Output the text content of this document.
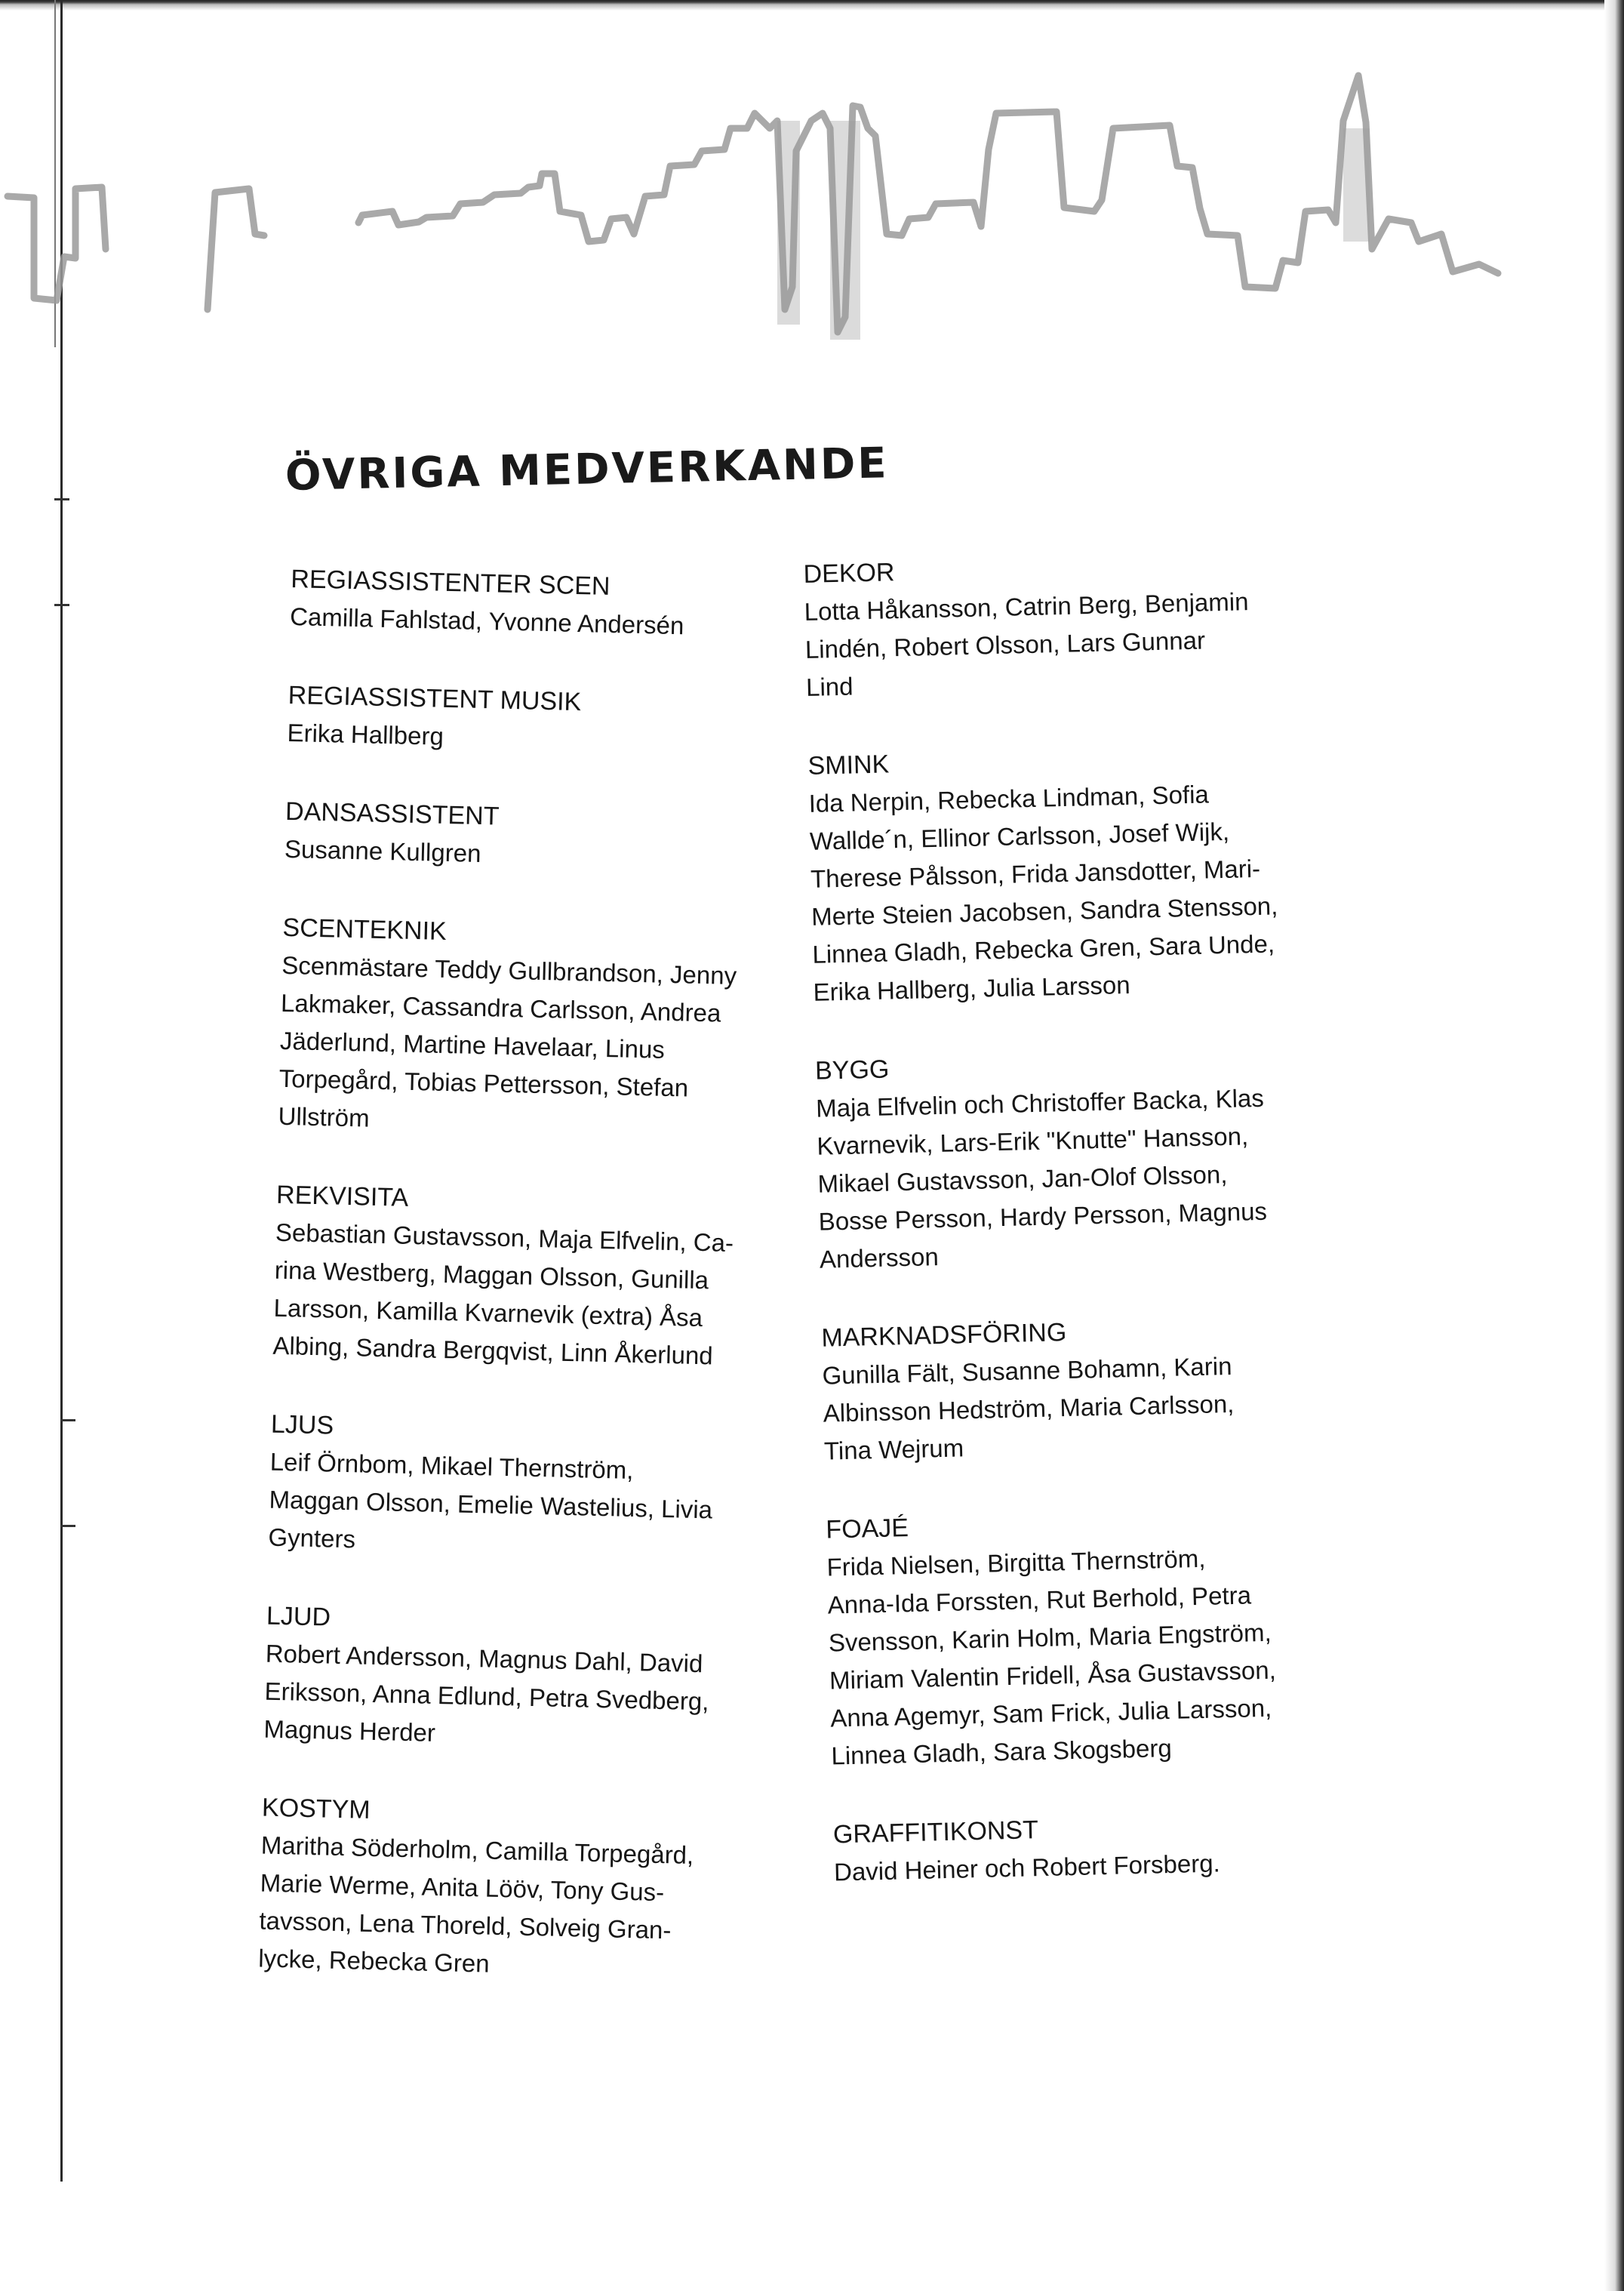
ÖVRIGA MEDVERKANDE
REGIASSISTENTER SCEN
Camilla Fahlstad, Yvonne Andersén
REGIASSISTENT MUSIK
Erika Hallberg
DANSASSISTENT
Susanne Kullgren
SCENTEKNIK
Scenmästare Teddy Gullbrandson, Jenny
Lakmaker, Cassandra Carlsson, Andrea
Jäderlund, Martine Havelaar, Linus
Torpegård, Tobias Pettersson, Stefan
Ullström
REKVISITA
Sebastian Gustavsson, Maja Elfvelin, Ca-
rina Westberg, Maggan Olsson, Gunilla
Larsson, Kamilla Kvarnevik (extra) Åsa
Albing, Sandra Bergqvist, Linn Åkerlund
LJUS
Leif Örnbom, Mikael Thernström,
Maggan Olsson, Emelie Wastelius, Livia
Gynters
LJUD
Robert Andersson, Magnus Dahl, David
Eriksson, Anna Edlund, Petra Svedberg,
Magnus Herder
KOSTYM
Maritha Söderholm, Camilla Torpegård,
Marie Werme, Anita Lööv, Tony Gus-
tavsson, Lena Thoreld, Solveig Gran-
lycke, Rebecka Gren
DEKOR
Lotta Håkansson, Catrin Berg, Benjamin
Lindén, Robert Olsson, Lars Gunnar
Lind
SMINK
Ida Nerpin, Rebecka Lindman, Sofia
Wallde´n, Ellinor Carlsson, Josef Wijk,
Therese Pålsson, Frida Jansdotter, Mari-
Merte Steien Jacobsen, Sandra Stensson,
Linnea Gladh, Rebecka Gren, Sara Unde,
Erika Hallberg, Julia Larsson
BYGG
Maja Elfvelin och Christoffer Backa, Klas
Kvarnevik, Lars-Erik "Knutte" Hansson,
Mikael Gustavsson, Jan-Olof Olsson,
Bosse Persson, Hardy Persson, Magnus
Andersson
MARKNADSFÖRING
Gunilla Fält, Susanne Bohamn, Karin
Albinsson Hedström, Maria Carlsson,
Tina Wejrum
FOAJÉ
Frida Nielsen, Birgitta Thernström,
Anna-Ida Forssten, Rut Berhold, Petra
Svensson, Karin Holm, Maria Engström,
Miriam Valentin Fridell, Åsa Gustavsson,
Anna Agemyr, Sam Frick, Julia Larsson,
Linnea Gladh, Sara Skogsberg
GRAFFITIKONST
David Heiner och Robert Forsberg.
